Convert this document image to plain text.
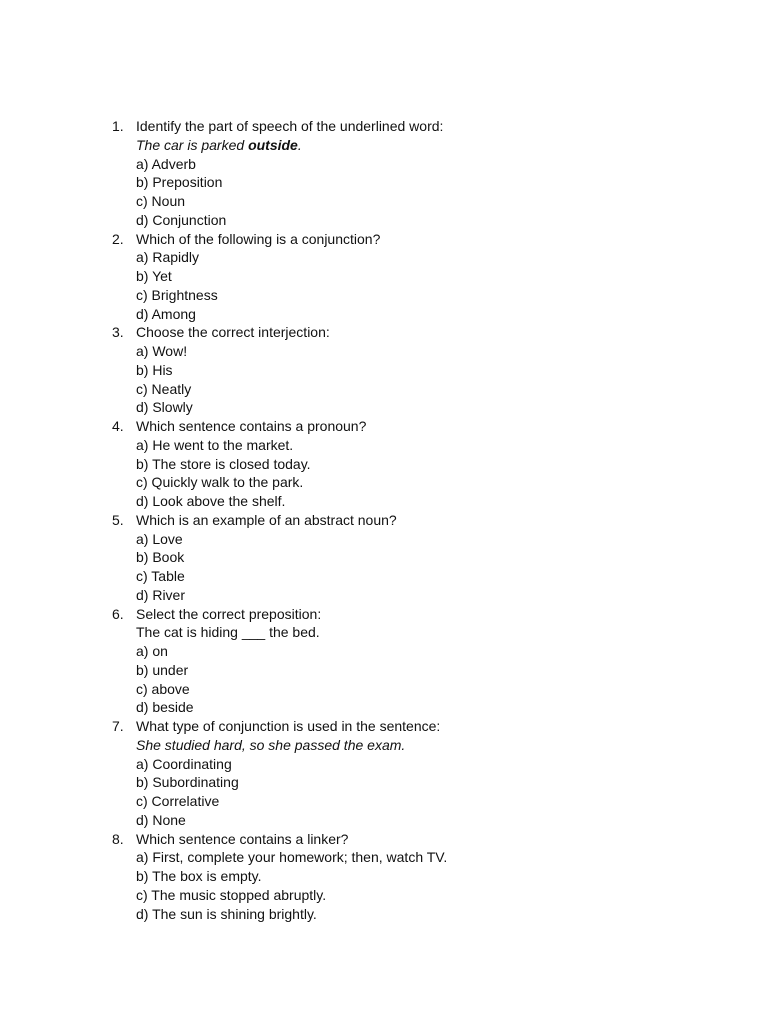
1. Identify the part of speech of the underlined word:
The car is parked outside.
a) Adverb
b) Preposition
c) Noun
d) Conjunction
2. Which of the following is a conjunction?
a) Rapidly
b) Yet
c) Brightness
d) Among
3. Choose the correct interjection:
a) Wow!
b) His
c) Neatly
d) Slowly
4. Which sentence contains a pronoun?
a) He went to the market.
b) The store is closed today.
c) Quickly walk to the park.
d) Look above the shelf.
5. Which is an example of an abstract noun?
a) Love
b) Book
c) Table
d) River
6. Select the correct preposition:
The cat is hiding ___ the bed.
a) on
b) under
c) above
d) beside
7. What type of conjunction is used in the sentence:
She studied hard, so she passed the exam.
a) Coordinating
b) Subordinating
c) Correlative
d) None
8. Which sentence contains a linker?
a) First, complete your homework; then, watch TV.
b) The box is empty.
c) The music stopped abruptly.
d) The sun is shining brightly.
